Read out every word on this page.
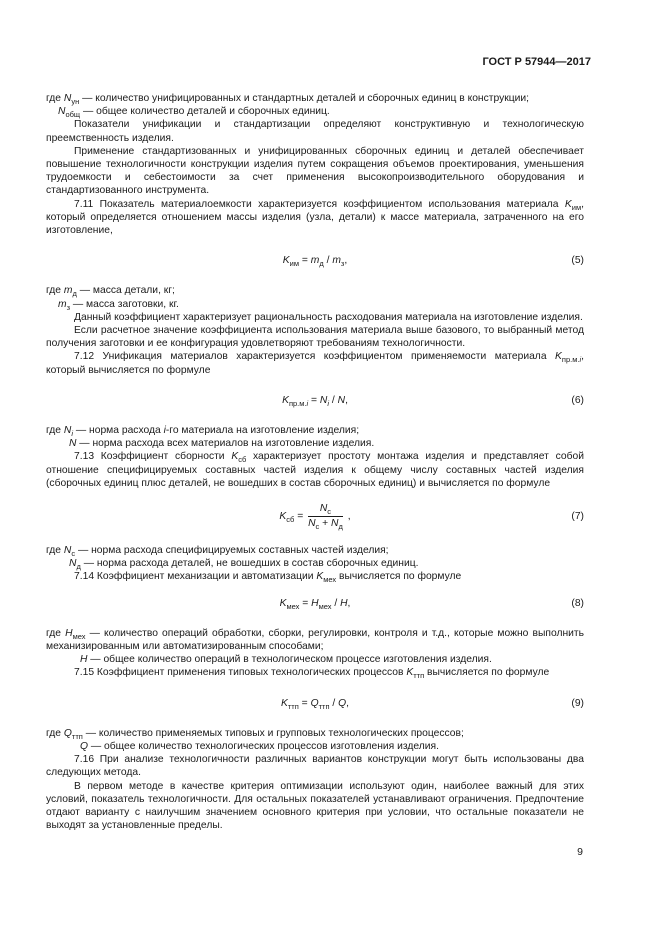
ГОСТ Р 57944—2017

где $N_{ун}$ — количество унифицированных и стандартных деталей и сборочных единиц в конструкции;

$N_{общ}$ — общее количество деталей и сборочных единиц.

Показатели унификации и стандартизации определяют конструктивную и технологическую преемственность изделия.

Применение стандартизованных и унифицированных сборочных единиц и деталей обеспечивает повышение технологичности конструкции изделия путем сокращения объемов проектирования, уменьшения трудоемкости и себестоимости за счет применения высокопроизводительного оборудования и стандартизованного инструмента.

7.11 Показатель материалоемкости характеризуется коэффициентом использования материала $K_{им}$, который определяется отношением массы изделия (узла, детали) к массе материала, затраченного на его изготовление,

$K_{им} = m_д / m_з$,	(5)

где $m_д$ — масса детали, кг;

$m_з$ — масса заготовки, кг.

Данный коэффициент характеризует рациональность расходования материала на изготовление изделия.

Если расчетное значение коэффициента использования материала выше базового, то выбранный метод получения заготовки и ее конфигурация удовлетворяют требованиям технологичности.

7.12 Унификация материалов характеризуется коэффициентом применяемости материала $K_{пр.м.i}$, который вычисляется по формуле

$K_{пр.м.i} = N_i / N$,	(6)

где $N_i$ — норма расхода i-го материала на изготовление изделия;

N — норма расхода всех материалов на изготовление изделия.

7.13 Коэффициент сборности $K_{сб}$ характеризует простоту монтажа изделия и представляет собой отношение специфицируемых составных частей изделия к общему числу составных частей изделия (сборочных единиц плюс деталей, не вошедших в состав сборочных единиц) и вычисляется по формуле

$K_{сб} = \frac{N_с}{N_с + N_д}$ ,	(7)

где $N_с$ — норма расхода специфицируемых составных частей изделия;

$N_д$ — норма расхода деталей, не вошедших в состав сборочных единиц.

7.14 Коэффициент механизации и автоматизации $K_{мех}$ вычисляется по формуле

$K_{мех} = H_{мех} / H$,	(8)

где $H_{мех}$ — количество операций обработки, сборки, регулировки, контроля и т.д., которые можно выполнить механизированным или автоматизированным способами;

H — общее количество операций в технологическом процессе изготовления изделия.

7.15 Коэффициент применения типовых технологических процессов $K_{ттп}$ вычисляется по формуле

$K_{ттп} = Q_{ттп} / Q$,	(9)

где $Q_{ттп}$ — количество применяемых типовых и групповых технологических процессов;

Q — общее количество технологических процессов изготовления изделия.

7.16 При анализе технологичности различных вариантов конструкции могут быть использованы два следующих метода.

В первом методе в качестве критерия оптимизации используют один, наиболее важный для этих условий, показатель технологичности. Для остальных показателей устанавливают ограничения. Предпочтение отдают варианту с наилучшим значением основного критерия при условии, что остальные показатели не выходят за установленные пределы.

9
